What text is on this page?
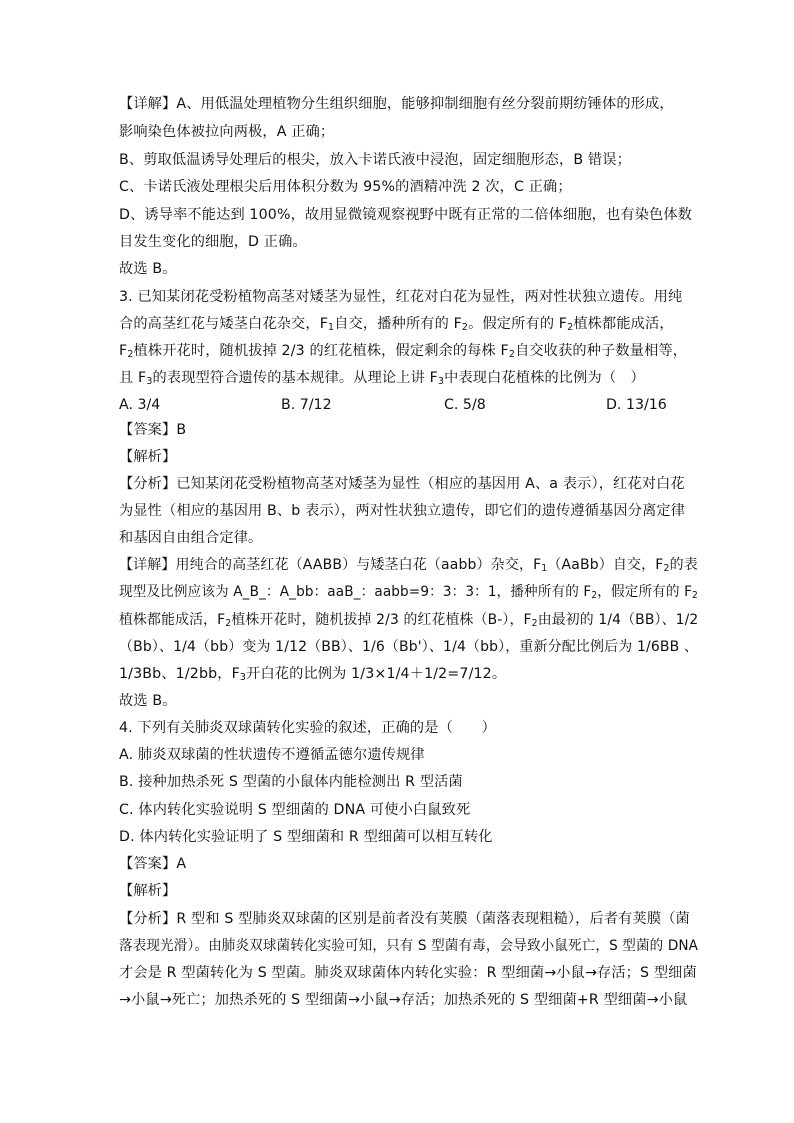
【详解】A、用低温处理植物分生组织细胞，能够抑制细胞有丝分裂前期纺锤体的形成，
影响染色体被拉向两极，A 正确；
B、剪取低温诱导处理后的根尖，放入卡诺氏液中浸泡，固定细胞形态，B 错误；
C、卡诺氏液处理根尖后用体积分数为 95%的酒精冲洗 2 次，C 正确；
D、诱导率不能达到 100%，故用显微镜观察视野中既有正常的二倍体细胞，也有染色体数
目发生变化的细胞，D 正确。
故选 B。
3. 已知某闭花受粉植物高茎对矮茎为显性，红花对白花为显性，两对性状独立遗传。用纯
合的高茎红花与矮茎白花杂交，$F_1$自交，播种所有的 $F_2$。假定所有的 $F_2$植株都能成活，
$F_2$植株开花时，随机拔掉 2/3 的红花植株，假定剩余的每株 $F_2$自交收获的种子数量相等，
且 $F_3$的表现型符合遗传的基本规律。从理论上讲 $F_3$中表现白花植株的比例为（　）
A. 3/4	B. 7/12	C. 5/8	D. 13/16
【答案】B
【解析】
【分析】已知某闭花受粉植物高茎对矮茎为显性（相应的基因用 A、a 表示），红花对白花
为显性（相应的基因用 B、b 表示），两对性状独立遗传，即它们的遗传遵循基因分离定律
和基因自由组合定律。
【详解】用纯合的高茎红花（AABB）与矮茎白花（aabb）杂交，$F_1(AaBb)$自交，$F_2$的表
现型及比例应该为 A_B_：A_bb：aaB_：aabb=9：3：3：1，播种所有的 $F_2$，假定所有的 $F_2$
植株都能成活，$F_2$植株开花时，随机拔掉 2/3 的红花植株（B-），$F_2$由最初的 1/4（BB）、1/2
（Bb）、1/4（bb）变为 1/12（BB）、1/6（Bb'）、1/4（bb），重新分配比例后为 1/6BB 、
1/3Bb、1/2bb，$F_3$开白花的比例为 1/3×1/4＋1/2=7/12。
故选 B。
4. 下列有关肺炎双球菌转化实验的叙述，正确的是（　　）
A. 肺炎双球菌的性状遗传不遵循孟德尔遗传规律
B. 接种加热杀死 S 型菌的小鼠体内能检测出 R 型活菌
C. 体内转化实验说明 S 型细菌的 DNA 可使小白鼠致死
D. 体内转化实验证明了 S 型细菌和 R 型细菌可以相互转化
【答案】A
【解析】
【分析】R 型和 S 型肺炎双球菌的区别是前者没有荚膜（菌落表现粗糙），后者有荚膜（菌
落表现光滑）。由肺炎双球菌转化实验可知，只有 S 型菌有毒，会导致小鼠死亡，S 型菌的 DNA
才会是 R 型菌转化为 S 型菌。肺炎双球菌体内转化实验：R 型细菌→小鼠→存活；S 型细菌
→小鼠→死亡；加热杀死的 S 型细菌→小鼠→存活；加热杀死的 S 型细菌+R 型细菌→小鼠
